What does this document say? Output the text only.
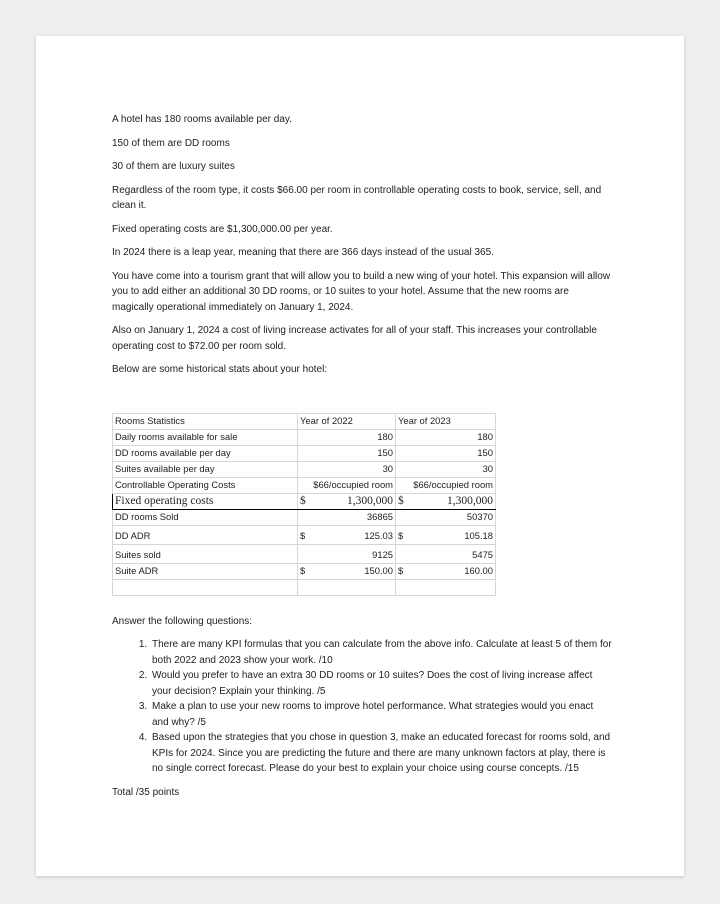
A hotel has 180 rooms available per day.

150 of them are DD rooms

30 of them are luxury suites

Regardless of the room type, it costs $66.00 per room in controllable operating costs to book, service, sell, and clean it.

Fixed operating costs are $1,300,000.00 per year.

In 2024 there is a leap year, meaning that there are 366 days instead of the usual 365.

You have come into a tourism grant that will allow you to build a new wing of your hotel. This expansion will allow you to add either an additional 30 DD rooms, or 10 suites to your hotel. Assume that the new rooms are magically operational immediately on January 1, 2024.

Also on January 1, 2024 a cost of living increase activates for all of your staff. This increases your controllable operating cost to $72.00 per room sold.

Below are some historical stats about your hotel:

Rooms Statistics	Year of 2022	Year of 2023
Daily rooms available for sale	180	180
DD rooms available per day	150	150
Suites available per day	30	30
Controllable Operating Costs	$66/occupied room	$66/occupied room
Fixed operating costs	$ 1,300,000	$ 1,300,000

DD rooms Sold	36865	50370
DD ADR	$ 125.03	$ 105.18

Suites sold	9125	5475
Suite ADR	$ 150.00	$ 160.00

Answer the following questions:

1. There are many KPI formulas that you can calculate from the above info. Calculate at least 5 of them for both 2022 and 2023 show your work. /10
2. Would you prefer to have an extra 30 DD rooms or 10 suites? Does the cost of living increase affect your decision? Explain your thinking. /5
3. Make a plan to use your new rooms to improve hotel performance. What strategies would you enact and why? /5
4. Based upon the strategies that you chose in question 3, make an educated forecast for rooms sold, and KPIs for 2024. Since you are predicting the future and there are many unknown factors at play, there is no single correct forecast. Please do your best to explain your choice using course concepts. /15

Total /35 points
